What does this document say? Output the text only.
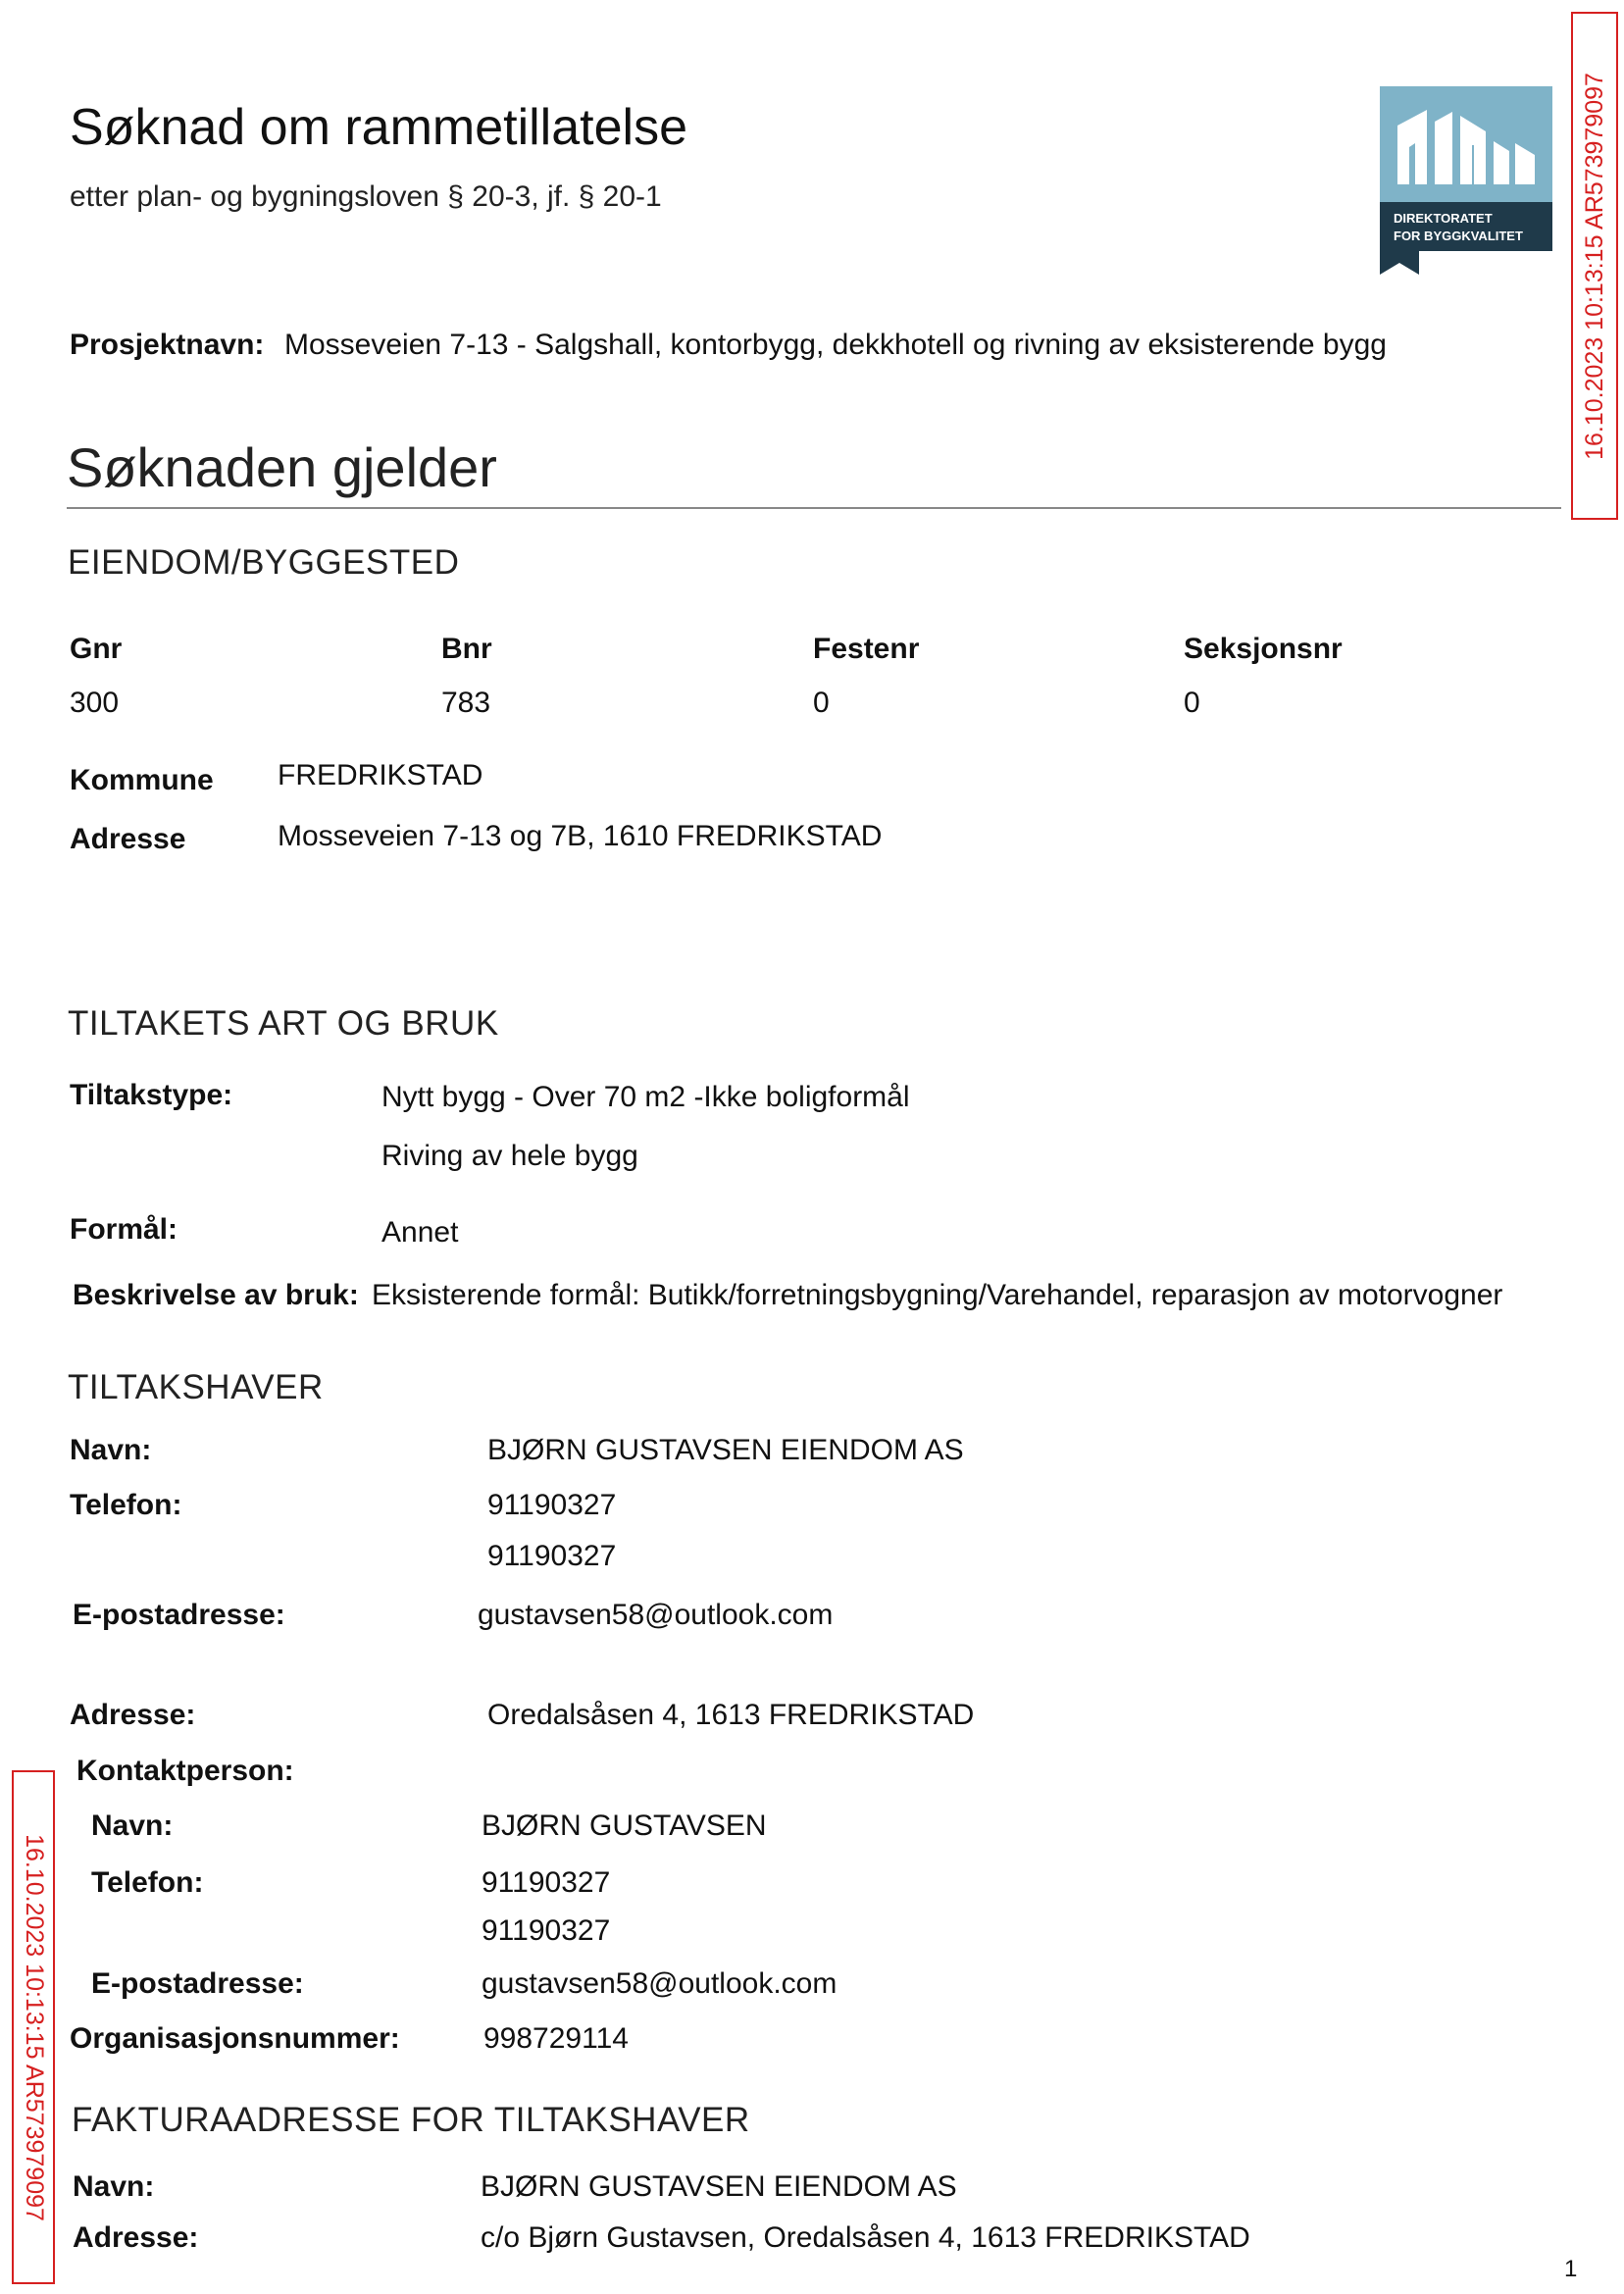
Søknad om rammetillatelse
etter plan- og bygningsloven § 20-3, jf. § 20-1
DIREKTORATET
FOR BYGGKVALITET 16.10.2023 10:13:15 AR573979097
16.10.2023 10:13:15 AR573979097
Prosjektnavn: Mosseveien 7-13 - Salgshall, kontorbygg, dekkhotell og rivning av eksisterende bygg
Søknaden gjelder
EIENDOM/BYGGESTED
Gnr	Bnr	Festenr	Seksjonsnr
300	783	0	0
Kommune FREDRIKSTAD
Adresse	Mosseveien 7-13 og 7B, 1610 FREDRIKSTAD
TILTAKETS ART OG BRUK
Tiltakstype:	Nytt bygg - Over 70 m2 -Ikke boligformål
Riving av hele bygg
Formål:	Annet
Beskrivelse av bruk: Eksisterende formål: Butikk/forretningsbygning/Varehandel, reparasjon av motorvogner
TILTAKSHAVER
Navn:	BJØRN GUSTAVSEN EIENDOM AS
Telefon:	91190327
91190327
E-postadresse:	gustavsen58@outlook.com
Adresse:	Oredalsåsen 4, 1613 FREDRIKSTAD
Kontaktperson:
Navn:	BJØRN GUSTAVSEN
Telefon:	91190327
91190327
E-postadresse:	gustavsen58@outlook.com
Organisasjonsnummer:	998729114
FAKTURAADRESSE FOR TILTAKSHAVER
Navn:	BJØRN GUSTAVSEN EIENDOM AS
Adresse:	c/o Bjørn Gustavsen, Oredalsåsen 4, 1613 FREDRIKSTAD
1
